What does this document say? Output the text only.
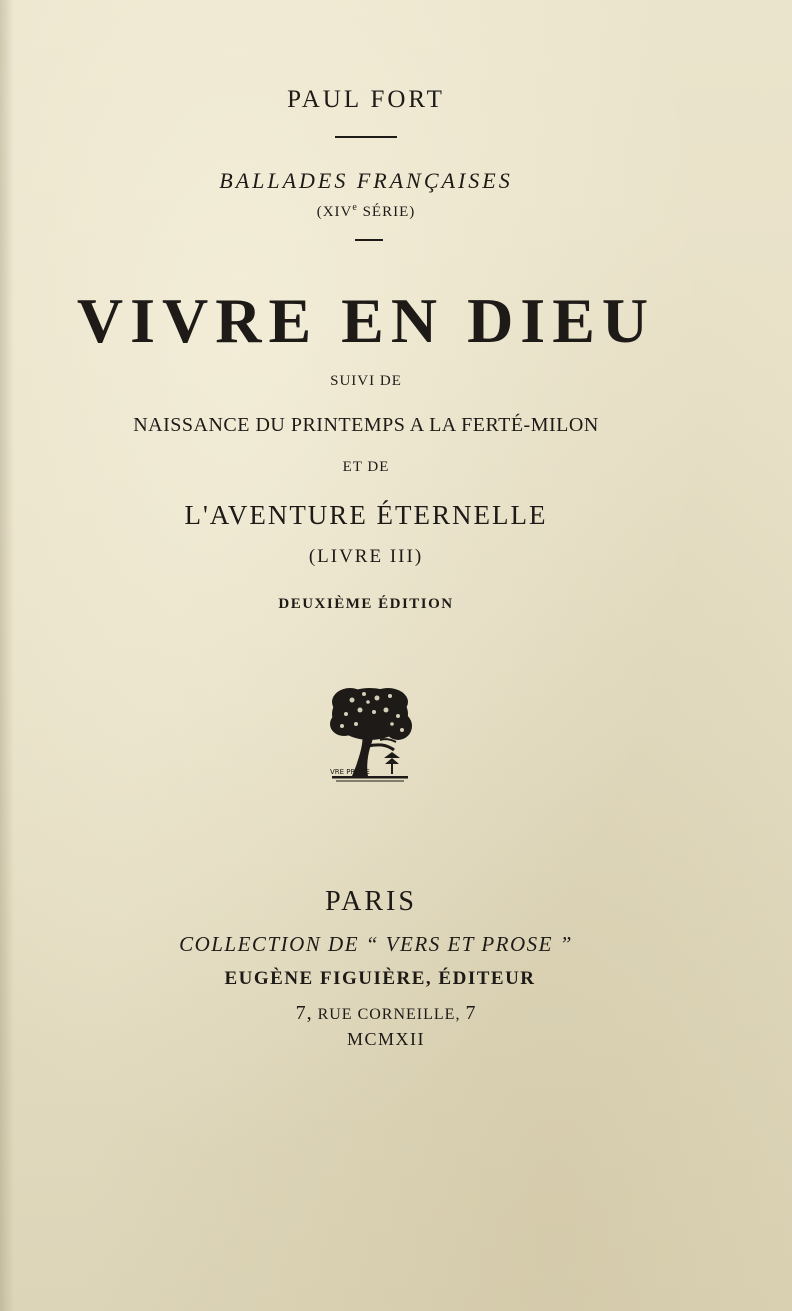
PAUL FORT
BALLADES FRANÇAISES
(XIVe SÉRIE)
VIVRE EN DIEU
SUIVI DE
NAISSANCE DU PRINTEMPS A LA FERTÉ-MILON
ET DE
L'AVENTURE ÉTERNELLE
(LIVRE III)
DEUXIÈME ÉDITION
VRE PROSE
PARIS
COLLECTION DE “ VERS ET PROSE ”
EUGÈNE FIGUIÈRE, ÉDITEUR
7, RUE CORNEILLE, 7
MCMXII
